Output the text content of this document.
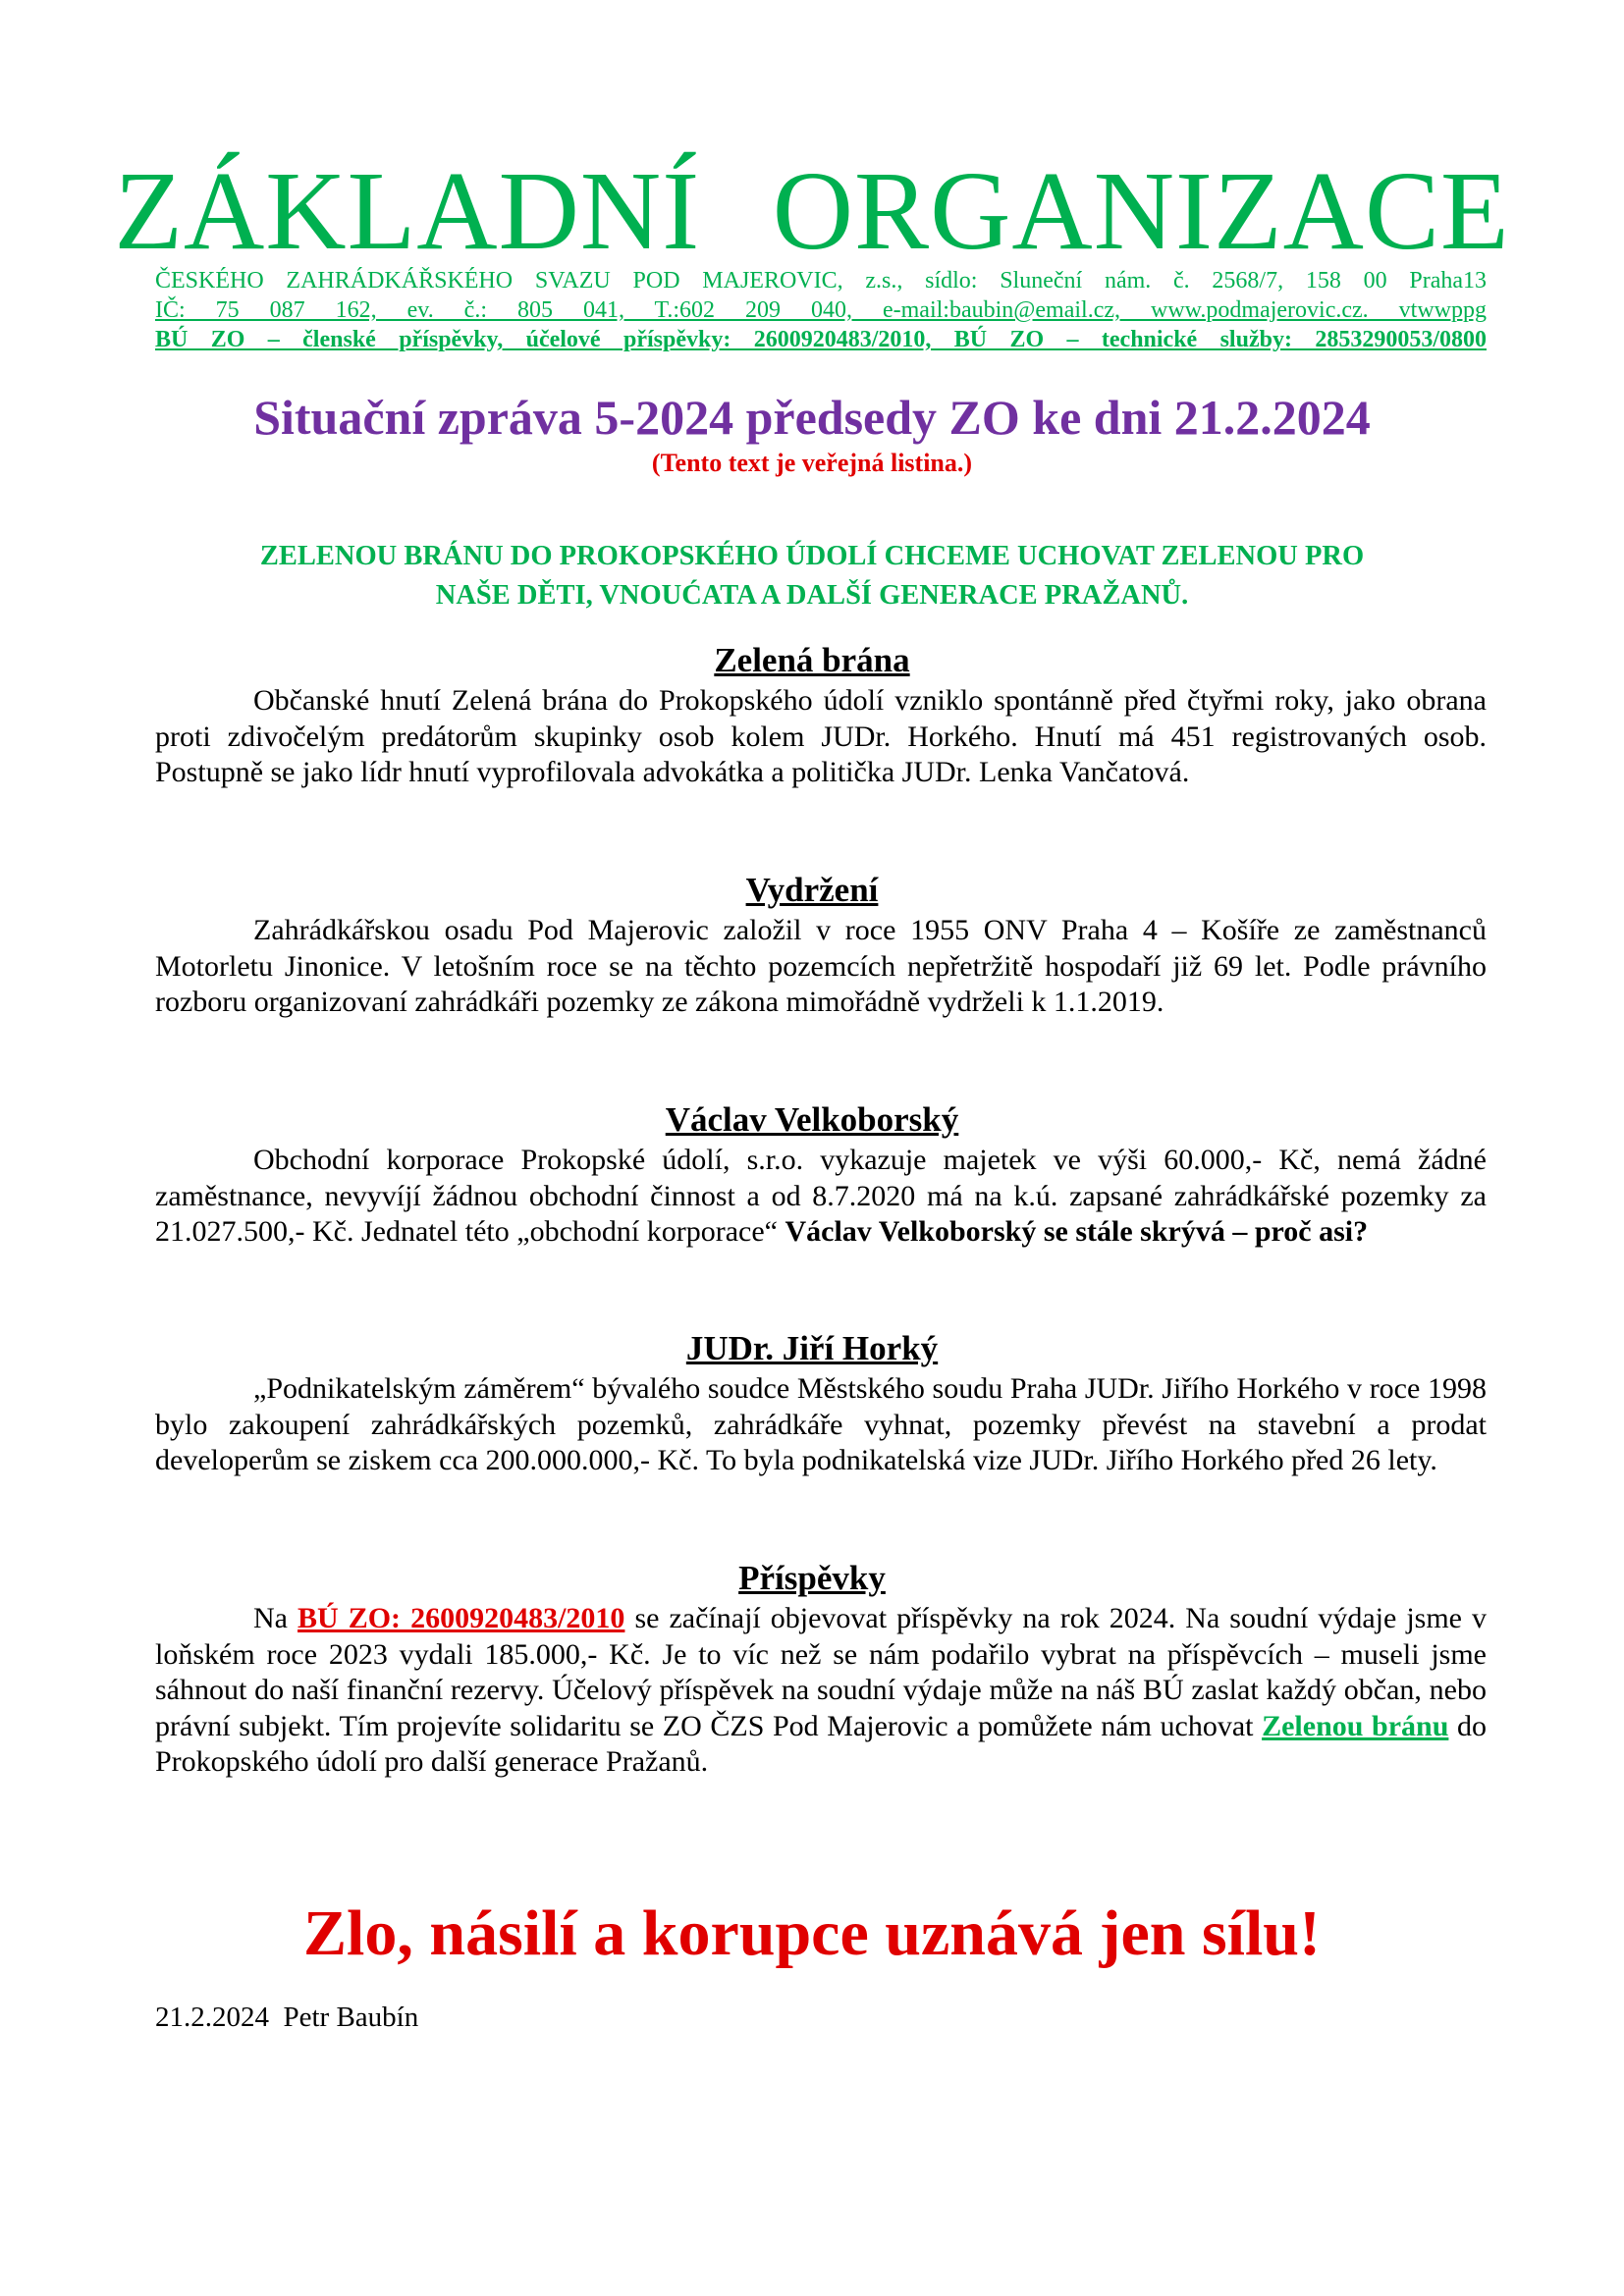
ZÁKLADNÍ ORGANIZACE
ČESKÉHO ZAHRÁDKÁŘSKÉHO SVAZU POD MAJEROVIC, z.s., sídlo: Sluneční nám. č. 2568/7, 158 00 Praha13
IČ: 75 087 162, ev. č.: 805 041, T.:602 209 040, e-mail:baubin@email.cz, www.podmajerovic.cz. vtwwppg
BÚ ZO – členské příspěvky, účelové příspěvky: 2600920483/2010, BÚ ZO – technické služby: 2853290053/0800
Situační zpráva 5-2024 předsedy ZO ke dni 21.2.2024
(Tento text je veřejná listina.)
ZELENOU BRÁNU DO PROKOPSKÉHO ÚDOLÍ CHCEME UCHOVAT ZELENOU PRO
NAŠE DĚTI, VNOUĆATA A DALŠÍ GENERACE PRAŽANŮ.
Zelená brána
Občanské hnutí Zelená brána do Prokopského údolí vzniklo spontánně před čtyřmi roky, jako obrana proti zdivočelým predátorům skupinky osob kolem JUDr. Horkého. Hnutí má 451 registrovaných osob. Postupně se jako lídr hnutí vyprofilovala advokátka a politička JUDr. Lenka Vančatová.
Vydržení
Zahrádkářskou osadu Pod Majerovic založil v roce 1955 ONV Praha 4 – Košíře ze zaměstnanců Motorletu Jinonice. V letošním roce se na těchto pozemcích nepřetržitě hospodaří již 69 let. Podle právního rozboru organizovaní zahrádkáři pozemky ze zákona mimořádně vydrželi k 1.1.2019.
Václav Velkoborský
Obchodní korporace Prokopské údolí, s.r.o. vykazuje majetek ve výši 60.000,- Kč, nemá žádné zaměstnance, nevyvíjí žádnou obchodní činnost a od 8.7.2020 má na k.ú. zapsané zahrádkářské pozemky za 21.027.500,- Kč. Jednatel této „obchodní korporace“ Václav Velkoborský se stále skrývá – proč asi?
JUDr. Jiří Horký
„Podnikatelským záměrem“ bývalého soudce Městského soudu Praha JUDr. Jiřího Horkého v roce 1998 bylo zakoupení zahrádkářských pozemků, zahrádkáře vyhnat, pozemky převést na stavební a prodat developerům se ziskem cca 200.000.000,- Kč. To byla podnikatelská vize JUDr. Jiřího Horkého před 26 lety.
Příspěvky
Na BÚ ZO: 2600920483/2010 se začínají objevovat příspěvky na rok 2024. Na soudní výdaje jsme v loňském roce 2023 vydali 185.000,- Kč. Je to víc než se nám podařilo vybrat na příspěvcích – museli jsme sáhnout do naší finanční rezervy. Účelový příspěvek na soudní výdaje může na náš BÚ zaslat každý občan, nebo právní subjekt. Tím projevíte solidaritu se ZO ČZS Pod Majerovic a pomůžete nám uchovat Zelenou bránu do Prokopského údolí pro další generace Pražanů.
Zlo, násilí a korupce uznává jen sílu!
21.2.2024  Petr Baubín
